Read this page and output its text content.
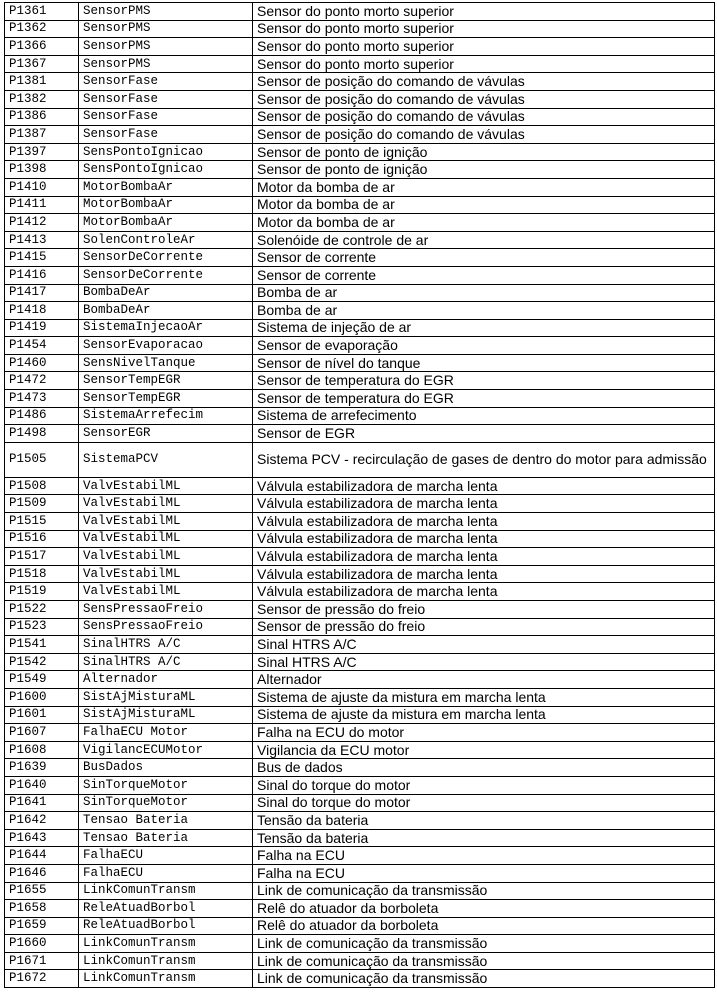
P1361	SensorPMS	Sensor do ponto morto superior
P1362	SensorPMS	Sensor do ponto morto superior
P1366	SensorPMS	Sensor do ponto morto superior
P1367	SensorPMS	Sensor do ponto morto superior
P1381	SensorFase	Sensor de posição do comando de vávulas
P1382	SensorFase	Sensor de posição do comando de vávulas
P1386	SensorFase	Sensor de posição do comando de vávulas
P1387	SensorFase	Sensor de posição do comando de vávulas
P1397	SensPontoIgnicao	Sensor de ponto de ignição
P1398	SensPontoIgnicao	Sensor de ponto de ignição
P1410	MotorBombaAr	Motor da bomba de ar
P1411	MotorBombaAr	Motor da bomba de ar
P1412	MotorBombaAr	Motor da bomba de ar
P1413	SolenControleAr	Solenóide de controle de ar
P1415	SensorDeCorrente	Sensor de corrente
P1416	SensorDeCorrente	Sensor de corrente
P1417	BombaDeAr	Bomba de ar
P1418	BombaDeAr	Bomba de ar
P1419	SistemaInjecaoAr	Sistema de injeção de ar
P1454	SensorEvaporacao	Sensor de evaporação
P1460	SensNivelTanque	Sensor de nível do tanque
P1472	SensorTempEGR	Sensor de temperatura do EGR
P1473	SensorTempEGR	Sensor de temperatura do EGR
P1486	SistemaArrefecim	Sistema de arrefecimento
P1498	SensorEGR	Sensor de EGR
P1505	SistemaPCV	Sistema PCV - recirculação de gases de dentro do motor para admissão
P1508	ValvEstabilML	Válvula estabilizadora de marcha lenta
P1509	ValvEstabilML	Válvula estabilizadora de marcha lenta
P1515	ValvEstabilML	Válvula estabilizadora de marcha lenta
P1516	ValvEstabilML	Válvula estabilizadora de marcha lenta
P1517	ValvEstabilML	Válvula estabilizadora de marcha lenta
P1518	ValvEstabilML	Válvula estabilizadora de marcha lenta
P1519	ValvEstabilML	Válvula estabilizadora de marcha lenta
P1522	SensPressaoFreio	Sensor de pressão do freio
P1523	SensPressaoFreio	Sensor de pressão do freio
P1541	SinalHTRS A/C	Sinal HTRS A/C
P1542	SinalHTRS A/C	Sinal HTRS A/C
P1549	Alternador	Alternador
P1600	SistAjMisturaML	Sistema de ajuste da mistura em marcha lenta
P1601	SistAjMisturaML	Sistema de ajuste da mistura em marcha lenta
P1607	FalhaECU Motor	Falha na ECU do motor
P1608	VigilancECUMotor	Vigilancia da ECU motor
P1639	BusDados	Bus de dados
P1640	SinTorqueMotor	Sinal do torque do motor
P1641	SinTorqueMotor	Sinal do torque do motor
P1642	Tensao Bateria	Tensão da bateria
P1643	Tensao Bateria	Tensão da bateria
P1644	FalhaECU	Falha na ECU
P1646	FalhaECU	Falha na ECU
P1655	LinkComunTransm	Link de comunicação da transmissão
P1658	ReleAtuadBorbol	Relê do atuador da borboleta
P1659	ReleAtuadBorbol	Relê do atuador da borboleta
P1660	LinkComunTransm	Link de comunicação da transmissão
P1671	LinkComunTransm	Link de comunicação da transmissão
P1672	LinkComunTransm	Link de comunicação da transmissão
